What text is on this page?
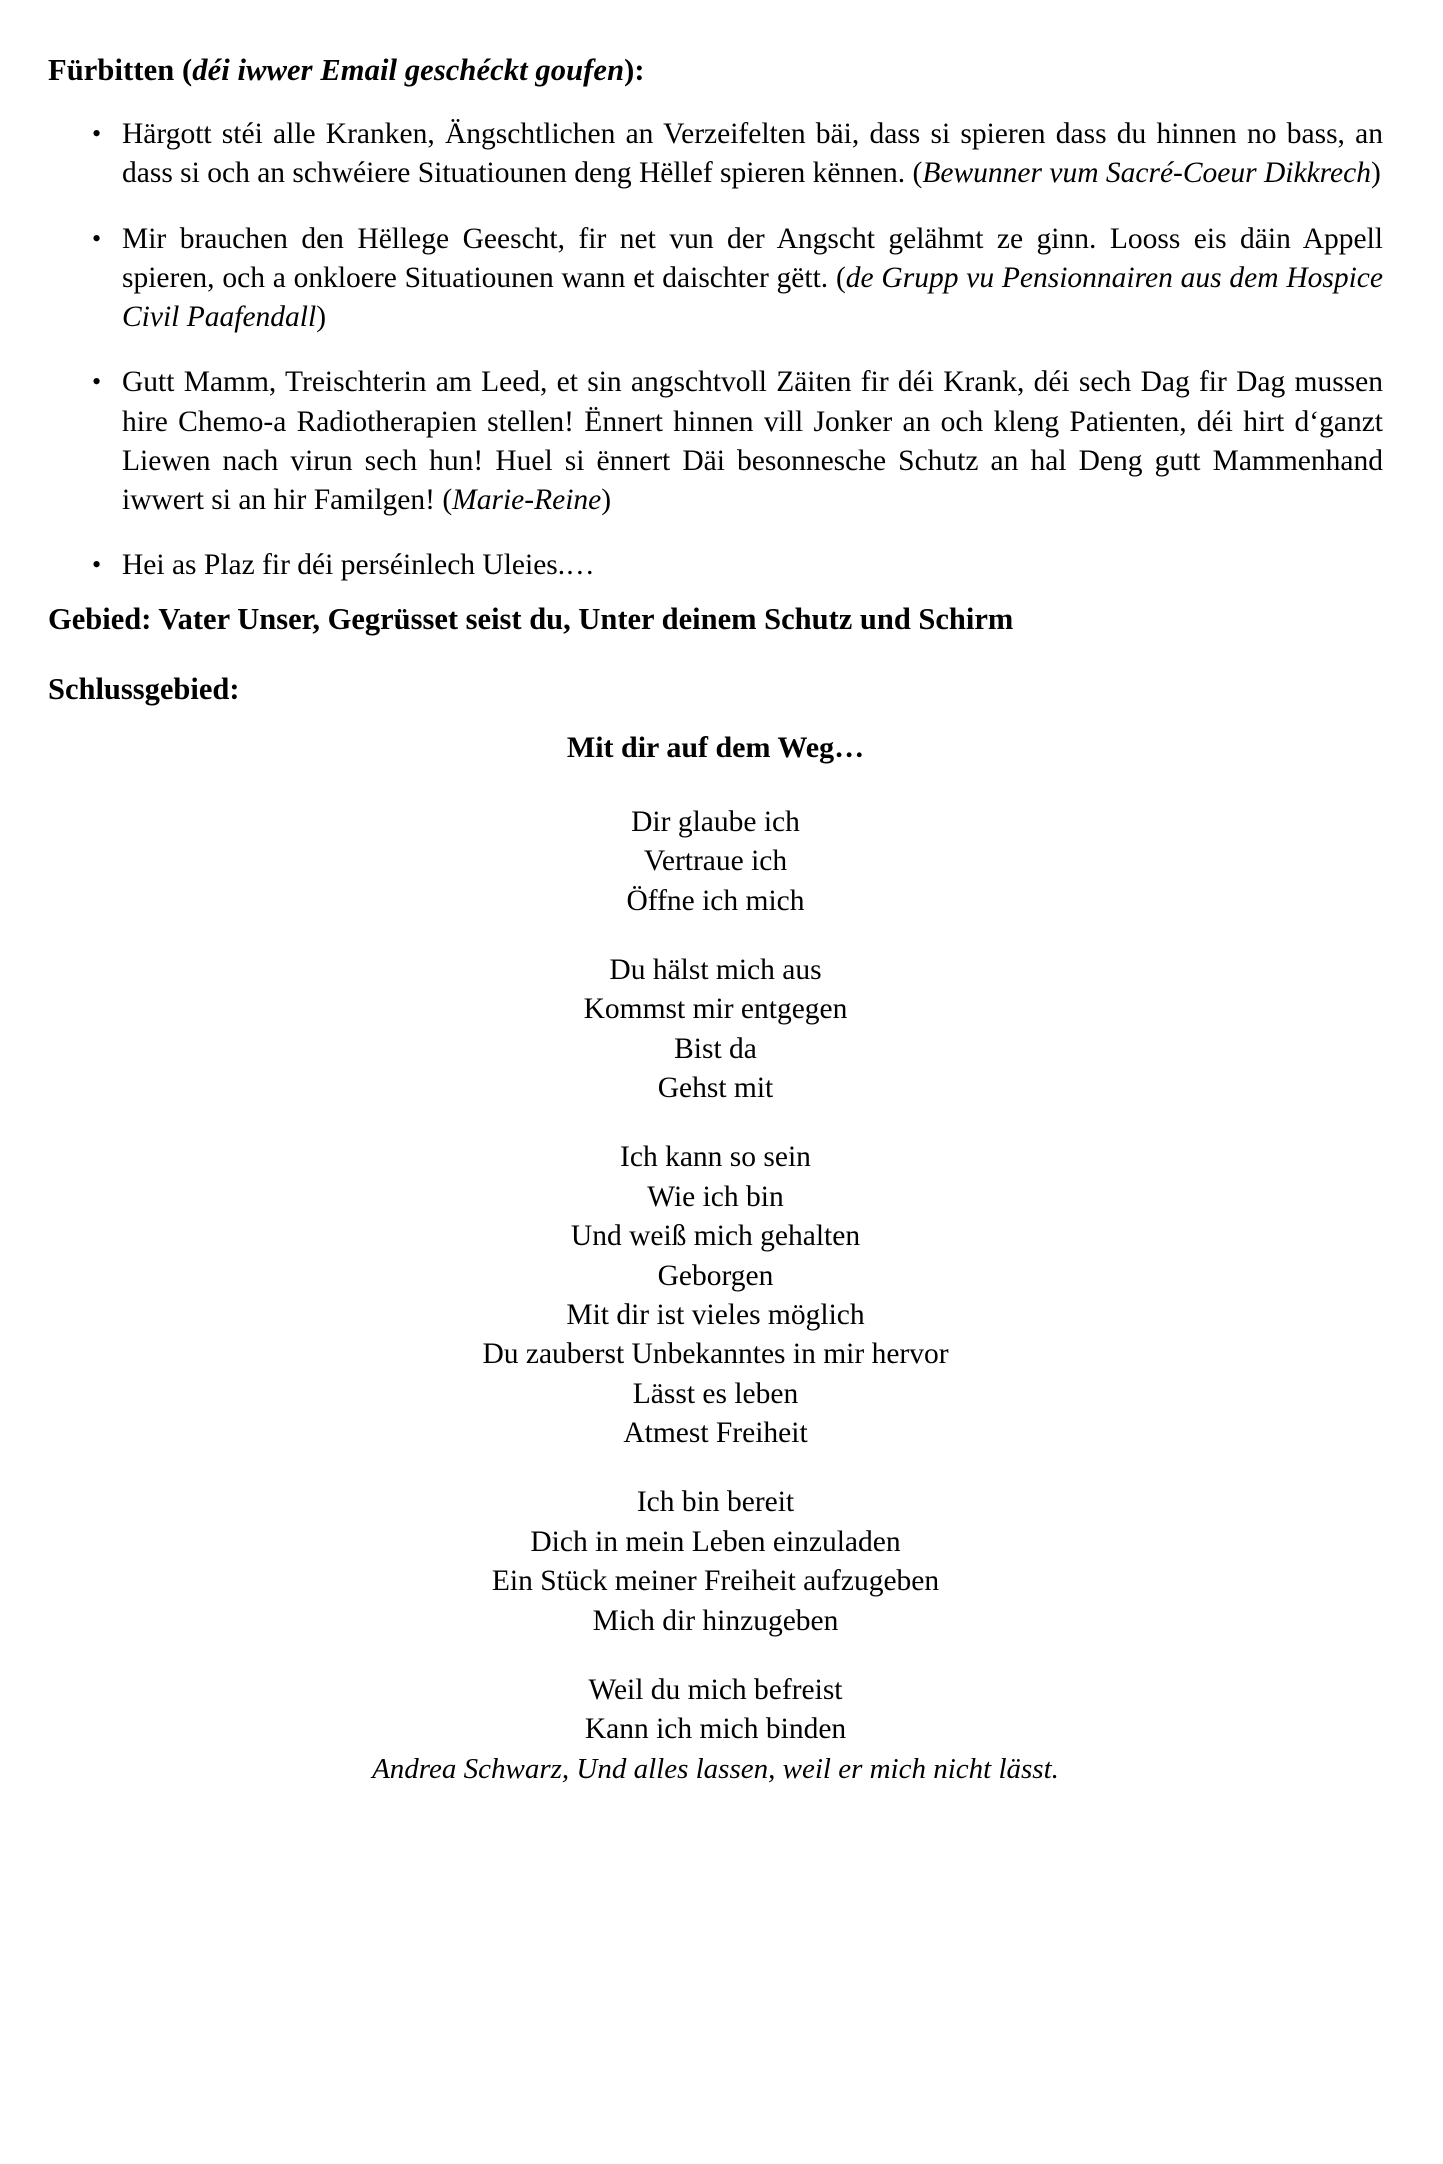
Fürbitten (déi iwwer Email geschéckt goufen):
• Härgott stéi alle Kranken, Ängschtlichen an Verzeifelten bäi, dass si spieren dass du hinnen no bass, an dass si och an schwéiere Situatiounen deng Hëllef spieren kënnen. (Bewunner vum Sacré-Coeur Dikkrech)
• Mir brauchen den Hëllege Geescht, fir net vun der Angscht gelähmt ze ginn. Looss eis däin Appell spieren, och a onkloere Situatiounen wann et daischter gëtt. (de Grupp vu Pensionnairen aus dem Hospice Civil Paafendall)
• Gutt Mamm, Treischterin am Leed, et sin angschtvoll Zäiten fir déi Krank, déi sech Dag fir Dag mussen hire Chemo-a Radiotherapien stellen! Ënnert hinnen vill Jonker an och kleng Patienten, déi hirt d‘ganzt Liewen nach virun sech hun! Huel si ënnert Däi besonnesche Schutz an hal Deng gutt Mammenhand iwwert si an hir Familgen! (Marie-Reine)
• Hei as Plaz fir déi perséinlech Uleies.…
Gebied: Vater Unser, Gegrüsset seist du, Unter deinem Schutz und Schirm
Schlussgebied:
Mit dir auf dem Weg…
Dir glaube ich
Vertraue ich
Öffne ich mich
Du hälst mich aus
Kommst mir entgegen
Bist da
Gehst mit
Ich kann so sein
Wie ich bin
Und weiß mich gehalten
Geborgen
Mit dir ist vieles möglich
Du zauberst Unbekanntes in mir hervor
Lässt es leben
Atmest Freiheit
Ich bin bereit
Dich in mein Leben einzuladen
Ein Stück meiner Freiheit aufzugeben
Mich dir hinzugeben
Weil du mich befreist
Kann ich mich binden
Andrea Schwarz, Und alles lassen, weil er mich nicht lässt.
